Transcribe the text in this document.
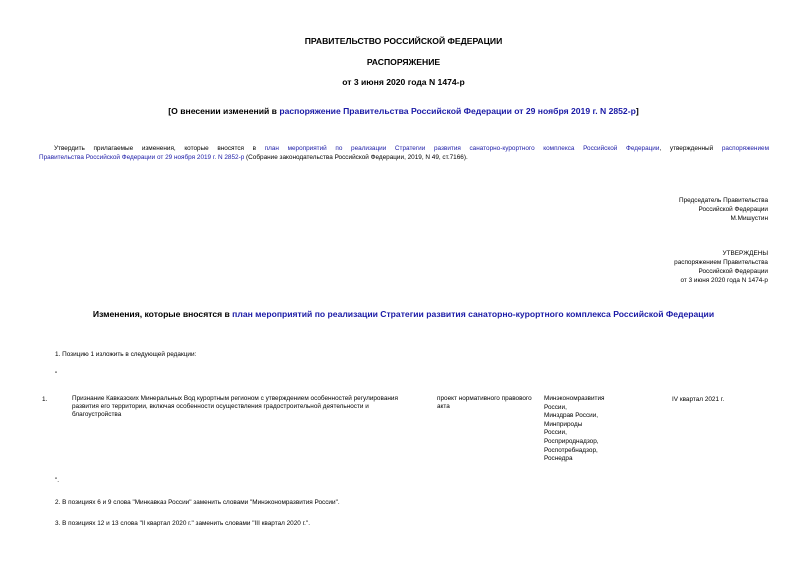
ПРАВИТЕЛЬСТВО РОССИЙСКОЙ ФЕДЕРАЦИИ
РАСПОРЯЖЕНИЕ
от 3 июня 2020 года N 1474-р
[О внесении изменений в распоряжение Правительства Российской Федерации от 29 ноября 2019 г. N 2852-р]
Утвердить прилагаемые изменения, которые вносятся в план мероприятий по реализации Стратегии развития санаторно-курортного комплекса Российской Федерации, утвержденный распоряжением
Правительства Российской Федерации от 29 ноября 2019 г. N 2852-р (Собрание законодательства Российской Федерации, 2019, N 49, ст.7166).
Председатель Правительства
Российской Федерации
М.Мишустин
УТВЕРЖДЕНЫ
распоряжением Правительства
Российской Федерации
от 3 июня 2020 года N 1474-р
Изменения, которые вносятся в план мероприятий по реализации Стратегии развития санаторно-курортного комплекса Российской Федерации
1. Позицию 1 изложить в следующей редакции:
"
1.	Признание Кавказских Минеральных Вод курортным регионом с утверждением особенностей регулирования
развития его территории, включая особенности осуществления градостроительной деятельности и
благоустройства
проект нормативного правового
акта
Минэкономразвития
России,
Минздрав России,
Минприроды
России,
Росприроднадзор,
Роспотребнадзор,
Роснедра
IV квартал 2021 г.
".
2. В позициях 6 и 9 слова "Минкавказ России" заменить словами "Минэкономразвития России".
3. В позициях 12 и 13 слова "II квартал 2020 г." заменить словами "III квартал 2020 г.".
